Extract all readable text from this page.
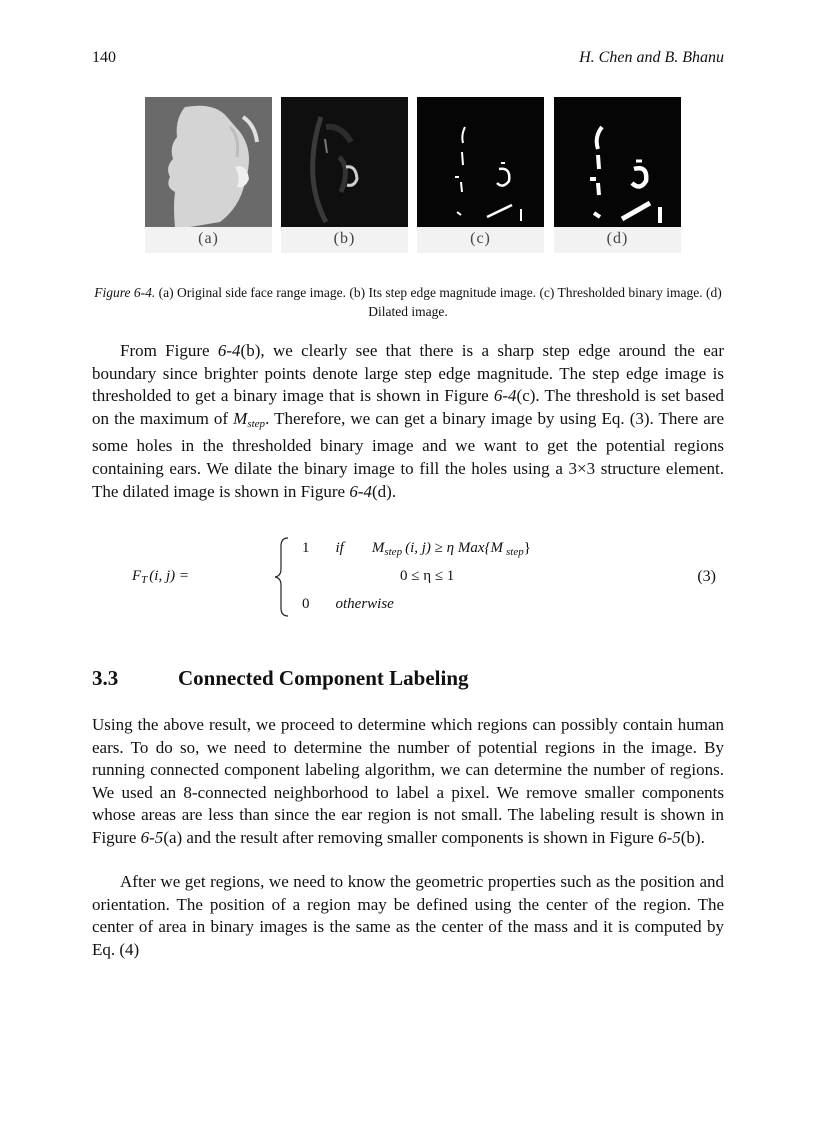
140	H. Chen and B. Bhanu
(a)	(b)	(c)	(d)
Figure 6-4. (a) Original side face range image. (b) Its step edge magnitude image. (c) Thresholded binary image. (d) Dilated image.

From Figure 6-4(b), we clearly see that there is a sharp step edge around the ear boundary since brighter points denote large step edge magnitude. The step edge image is thresholded to get a binary image that is shown in Figure 6-4(c). The threshold is set based on the maximum of $M_{step}$. Therefore, we can get a binary image by using Eq. (3). There are some holes in the thresholded binary image and we want to get the potential regions containing ears. We dilate the binary image to fill the holes using a 3×3 structure element. The dilated image is shown in Figure 6-4(d).

$F_T$ (i, j) =
1 if $M_{step}$ (i, j) ≥ η Max{M $_{step}$}
0 ≤ η ≤ 1
0 otherwise
(3)
3.3	Connected Component Labeling

Using the above result, we proceed to determine which regions can possibly contain human ears. To do so, we need to determine the number of potential regions in the image. By running connected component labeling algorithm, we can determine the number of regions. We used an 8-connected neighborhood to label a pixel. We remove smaller components whose areas are less than since the ear region is not small. The labeling result is shown in Figure 6-5(a) and the result after removing smaller components is shown in Figure 6-5(b).

After we get regions, we need to know the geometric properties such as the position and orientation. The position of a region may be defined using the center of the region. The center of area in binary images is the same as the center of the mass and it is computed by Eq. (4)
